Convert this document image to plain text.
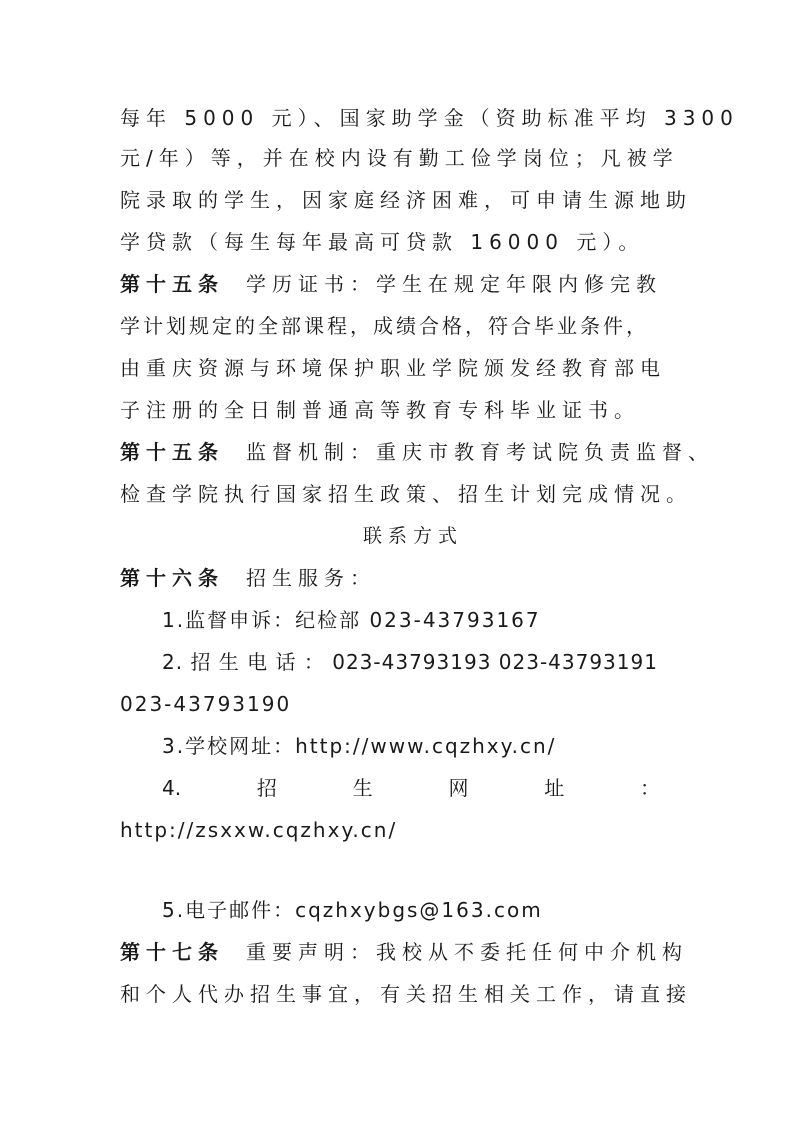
每年 5000 元）、国家助学金（资助标准平均 3300
元/年）等，并在校内设有勤工俭学岗位；凡被学
院录取的学生，因家庭经济困难，可申请生源地助
学贷款（每生每年最高可贷款 16000 元）。
第十五条 学历证书：学生在规定年限内修完教
学计划规定的全部课程，成绩合格，符合毕业条件，
由重庆资源与环境保护职业学院颁发经教育部电
子注册的全日制普通高等教育专科毕业证书。
第十五条 监督机制：重庆市教育考试院负责监督、
检查学院执行国家招生政策、招生计划完成情况。
联系方式
第十六条 招生服务：
1.监督申诉：纪检部 023-43793167
2. 招 生 电 话 ： 023-43793193 023-43793191
023-43793190
3.学校网址：http://www.cqzhxy.cn/
4.	招	生	网	址	：
http://zsxxw.cqzhxy.cn/
5.电子邮件：cqzhxybgs@163.com
第十七条 重要声明：我校从不委托任何中介机构
和个人代办招生事宜，有关招生相关工作，请直接
